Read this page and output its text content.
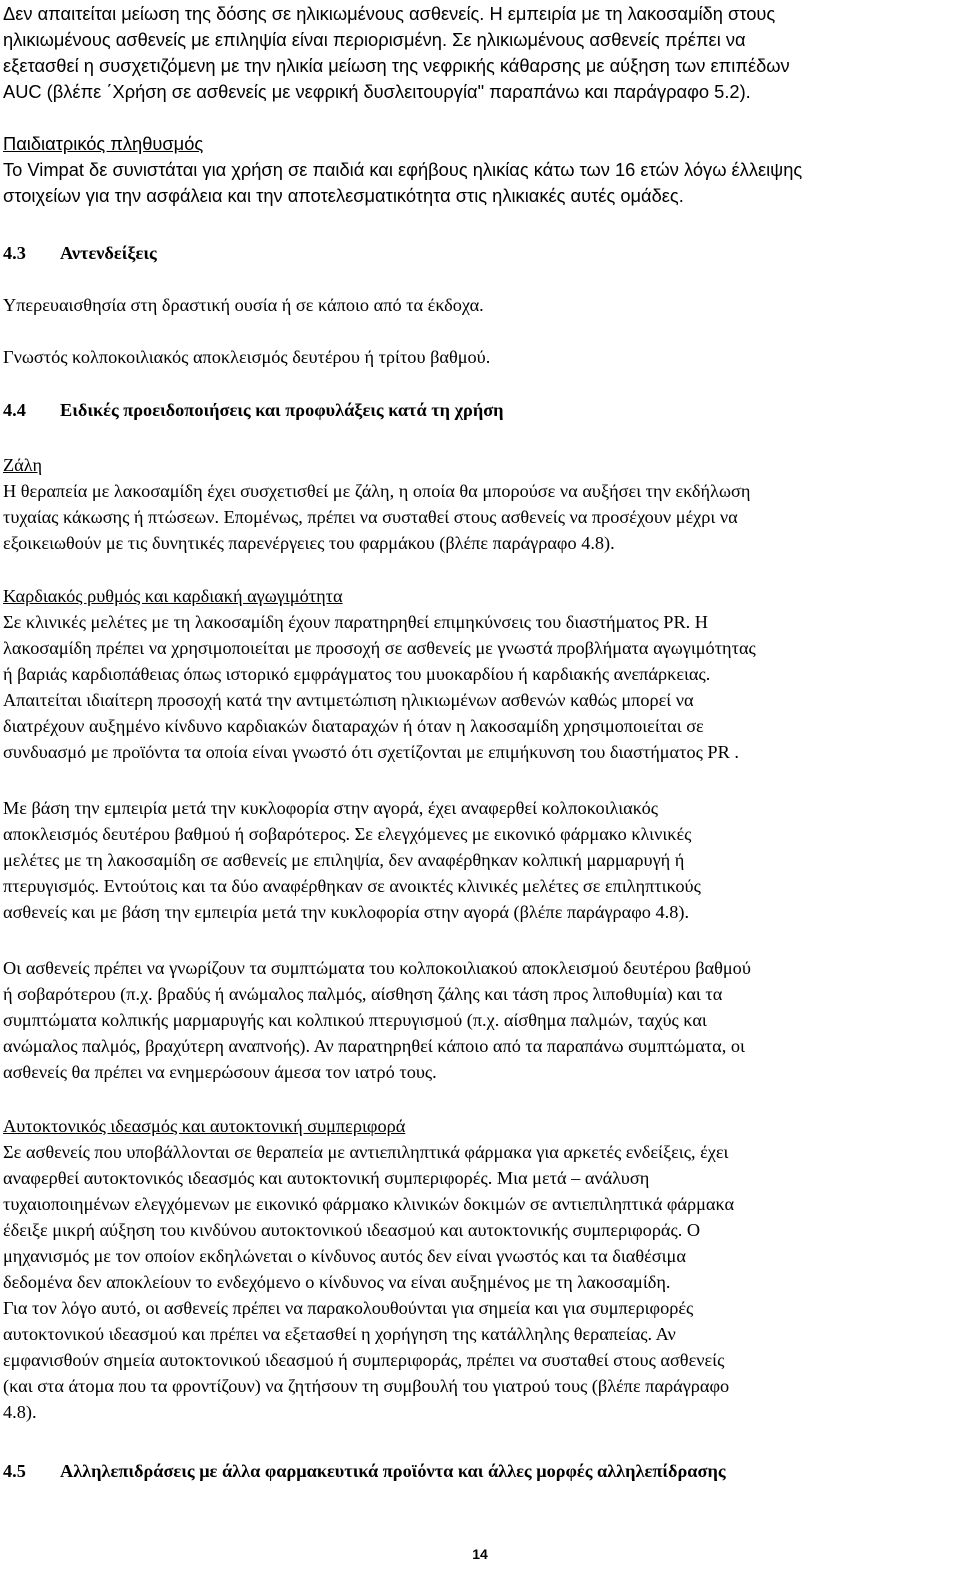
Δεν απαιτείται μείωση της δόσης σε ηλικιωμένους ασθενείς. Η εμπειρία με τη λακοσαμίδη στους

ηλικιωμένους ασθενείς με επιληψία είναι περιορισμένη. Σε ηλικιωμένους ασθενείς πρέπει να

εξετασθεί η συσχετιζόμενη με την ηλικία μείωση της νεφρικής κάθαρσης με αύξηση των επιπέδων

AUC (βλέπε ΄Χρήση σε ασθενείς με νεφρική δυσλειτουργία" παραπάνω και παράγραφο 5.2).

Παιδιατρικός πληθυσμός

Το Vimpat δε συνιστάται για χρήση σε παιδιά και εφήβους ηλικίας κάτω των 16 ετών λόγω έλλειψης

στοιχείων για την ασφάλεια και την αποτελεσματικότητα στις ηλικιακές αυτές ομάδες.

4.3 Αντενδείξεις
Υπερευαισθησία στη δραστική ουσία ή σε κάποιο από τα έκδοχα.
Γνωστός κολποκοιλιακός αποκλεισμός δευτέρου ή τρίτου βαθμού.
4.4 Ειδικές προειδοποιήσεις και προφυλάξεις κατά τη χρήση

Ζάλη

Η θεραπεία με λακοσαμίδη έχει συσχετισθεί με ζάλη, η οποία θα μπορούσε να αυξήσει την εκδήλωση

τυχαίας κάκωσης ή πτώσεων. Επομένως, πρέπει να συσταθεί στους ασθενείς να προσέχουν μέχρι να

εξοικειωθούν με τις δυνητικές παρενέργειες του φαρμάκου (βλέπε παράγραφο 4.8).

Καρδιακός ρυθμός και καρδιακή αγωγιμότητα

Σε κλινικές μελέτες με τη λακοσαμίδη έχουν παρατηρηθεί επιμηκύνσεις του διαστήματος PR. Η

λακοσαμίδη πρέπει να χρησιμοποιείται με προσοχή σε ασθενείς με γνωστά προβλήματα αγωγιμότητας

ή βαριάς καρδιοπάθειας όπως ιστορικό εμφράγματος του μυοκαρδίου ή καρδιακής ανεπάρκειας.

Απαιτείται ιδιαίτερη προσοχή κατά την αντιμετώπιση ηλικιωμένων ασθενών καθώς μπορεί να

διατρέχουν αυξημένο κίνδυνο καρδιακών διαταραχών ή όταν η λακοσαμίδη χρησιμοποιείται σε

συνδυασμό με προϊόντα τα οποία είναι γνωστό ότι σχετίζονται με επιμήκυνση του διαστήματος PR .

Με βάση την εμπειρία μετά την κυκλοφορία στην αγορά, έχει αναφερθεί κολποκοιλιακός

αποκλεισμός δευτέρου βαθμού ή σοβαρότερος. Σε ελεγχόμενες με εικονικό φάρμακο κλινικές

μελέτες με τη λακοσαμίδη σε ασθενείς με επιληψία, δεν αναφέρθηκαν κολπική μαρμαρυγή ή

πτερυγισμός. Εντούτοις και τα δύο αναφέρθηκαν σε ανοικτές κλινικές μελέτες σε επιληπτικούς

ασθενείς και με βάση την εμπειρία μετά την κυκλοφορία στην αγορά (βλέπε παράγραφο 4.8).

Οι ασθενείς πρέπει να γνωρίζουν τα συμπτώματα του κολποκοιλιακού αποκλεισμού δευτέρου βαθμού

ή σοβαρότερου (π.χ. βραδύς ή ανώμαλος παλμός, αίσθηση ζάλης και τάση προς λιποθυμία) και τα

συμπτώματα κολπικής μαρμαρυγής και κολπικού πτερυγισμού (π.χ. αίσθημα παλμών, ταχύς και

ανώμαλος παλμός, βραχύτερη αναπνοής). Αν παρατηρηθεί κάποιο από τα παραπάνω συμπτώματα, οι

ασθενείς θα πρέπει να ενημερώσουν άμεσα τον ιατρό τους.

Αυτοκτονικός ιδεασμός και αυτοκτονική συμπεριφορά

Σε ασθενείς που υποβάλλονται σε θεραπεία με αντιεπιληπτικά φάρμακα για αρκετές ενδείξεις, έχει

αναφερθεί αυτοκτονικός ιδεασμός και αυτοκτονική συμπεριφορές. Μια μετά – ανάλυση

τυχαιοποιημένων ελεγχόμενων με εικονικό φάρμακο κλινικών δοκιμών σε αντιεπιληπτικά φάρμακα

έδειξε μικρή αύξηση του κινδύνου αυτοκτονικού ιδεασμού και αυτοκτονικής συμπεριφοράς. Ο

μηχανισμός με τον οποίον εκδηλώνεται ο κίνδυνος αυτός δεν είναι γνωστός και τα διαθέσιμα

δεδομένα δεν αποκλείουν το ενδεχόμενο ο κίνδυνος να είναι αυξημένος με τη λακοσαμίδη.

Για τον λόγο αυτό, οι ασθενείς πρέπει να παρακολουθούνται για σημεία και για συμπεριφορές

αυτοκτονικού ιδεασμού και πρέπει να εξετασθεί η χορήγηση της κατάλληλης θεραπείας. Αν

εμφανισθούν σημεία αυτοκτονικού ιδεασμού ή συμπεριφοράς, πρέπει να συσταθεί στους ασθενείς

(και στα άτομα που τα φροντίζουν) να ζητήσουν τη συμβουλή του γιατρού τους (βλέπε παράγραφο

4.8).

4.5 Αλληλεπιδράσεις με άλλα φαρμακευτικά προϊόντα και άλλες μορφές αλληλεπίδρασης
14
